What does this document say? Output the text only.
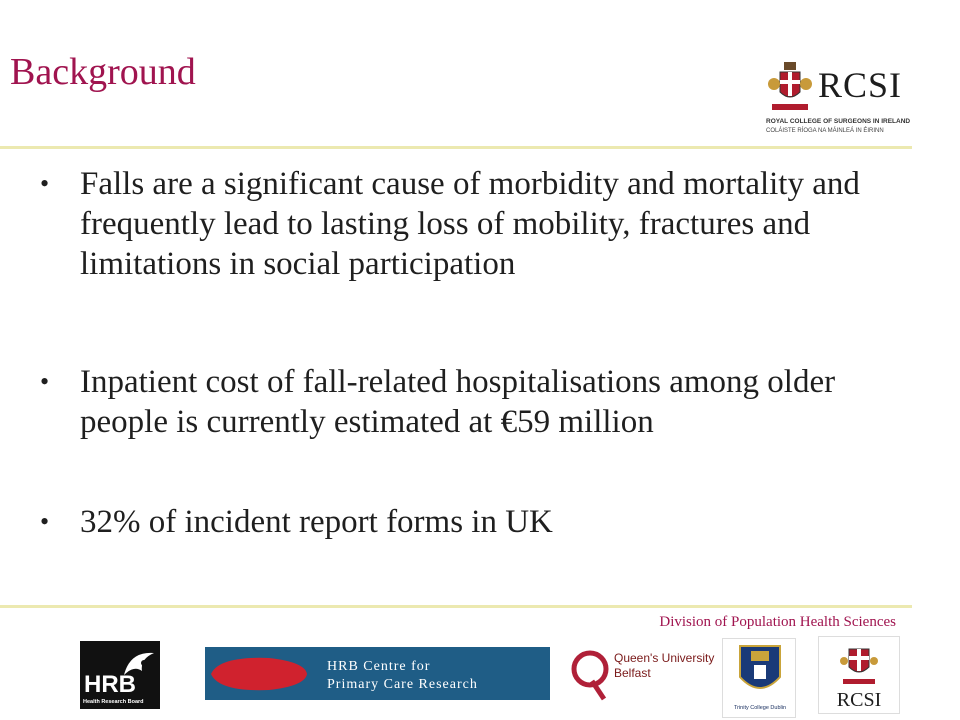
Background	RCSI
ROYAL COLLEGE OF SURGEONS IN IRELAND
COLÁISTE RÍOGA NA MÁINLEÁ IN ÉIRINN
• Falls are a significant cause of morbidity and mortality and frequently lead to lasting loss of mobility, fractures and limitations in social participation
• Inpatient cost of fall-related hospitalisations among older people is currently estimated at €59 million
• 32% of incident report forms in UK
Division of Population Health Sciences
HRB
Health Research Board
HRB Centre for
Primary Care Research
Queen's University
Belfast
Trinity College Dublin	RCSI
